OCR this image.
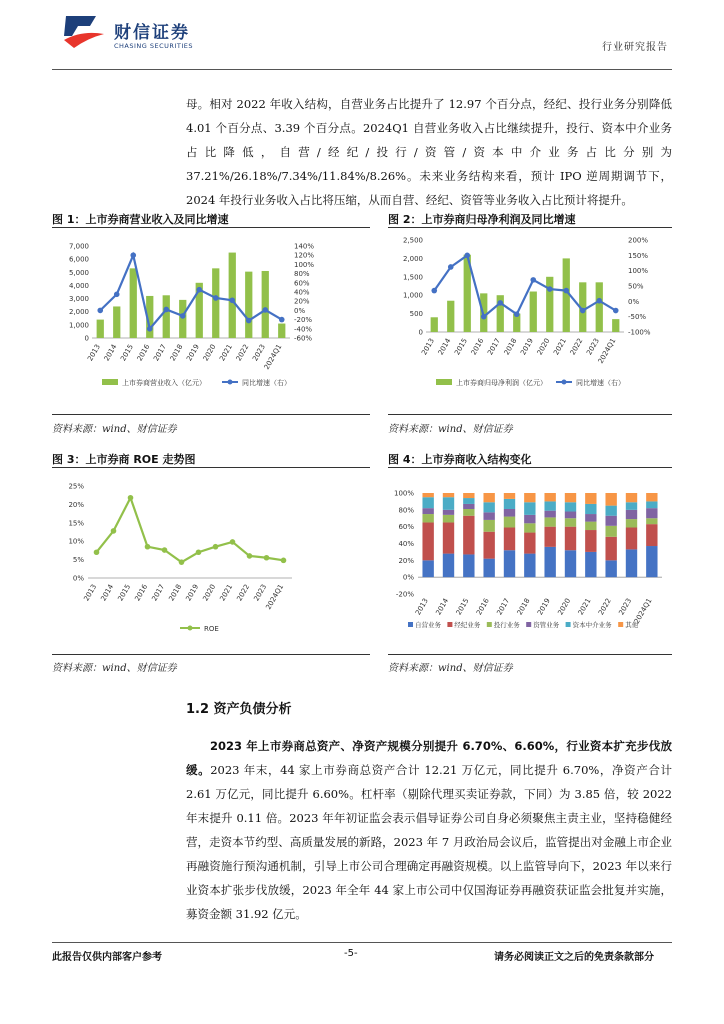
财信证券
CHASING SECURITIES	行业研究报告
母。相对 2022 年收入结构，自营业务占比提升了 12.97 个百分点，经纪、投行业务分别降低 4.01 个百分点、3.39 个百分点。2024Q1 自营业务收入占比继续提升，投行、资本中介业务占比降低，自营/经纪/投行/资管/资本中介业务占比分别为 37.21%/26.18%/7.34%/11.84%/8.26%。未来业务结构来看，预计 IPO 逆周期调节下，2024 年投行业务收入占比将压缩，从而自营、经纪、资管等业务收入占比预计将提升。
图 1：上市券商营业收入及同比增速
0
1,000
2,000
3,000
4,000
5,000
6,000
7,000
-60%
-40%
-20%
0%
20%
40%
60%
80%
100%
120%
140%
2013 2014 2015 2016 2017 2018 2019 2020 2021 2022 2023
2024Q1
上市券商营业收入（亿元）	同比增速（右）
资料来源：wind、财信证券
图 2：上市券商归母净利润及同比增速
0
500
1,000
1,500
2,000
2,500
-100%
-50%
0%
50%
100%
150%
200%
2013 2014 2015 2016 2017 2018 2019 2020 2021 2022 2023
2024Q1
上市券商归母净利润（亿元）	同比增速（右）
资料来源：wind、财信证券
图 3：上市券商 ROE 走势图
0%
5%
10%
15%
20%
25%
2013 2014 2015 2016 2017 2018 2019 2020 2021 2022 2023
2024Q1
ROE
资料来源：wind、财信证券
图 4：上市券商收入结构变化
-20%
0%
20%
40%
60%
80%
100%
2013 2014 2015 2016 2017 2018 2019 2020 2021 2022 2023 2024Q1
自营业务 经纪业务 投行业务 资管业务 资本中介业务 其他
资料来源：wind、财信证券
1.2 资产负债分析
2023 年上市券商总资产、净资产规模分别提升 6.70%、6.60%，行业资本扩充步伐放缓。2023 年末，44 家上市券商总资产合计 12.21 万亿元，同比提升 6.70%，净资产合计 2.61 万亿元，同比提升 6.60%。杠杆率（剔除代理买卖证券款，下同）为 3.85 倍，较 2022 年末提升 0.11 倍。2023 年年初证监会表示倡导证券公司自身必须聚焦主责主业，坚持稳健经营，走资本节约型、高质量发展的新路，2023 年 7 月政治局会议后，监管提出对金融上市企业再融资施行预沟通机制，引导上市公司合理确定再融资规模。以上监管导向下，2023 年以来行业资本扩张步伐放缓，2023 年全年 44 家上市公司中仅国海证券再融资获证监会批复并实施，募资金额 31.92 亿元。
此报告仅供内部客户参考	-5-	请务必阅读正文之后的免责条款部分
